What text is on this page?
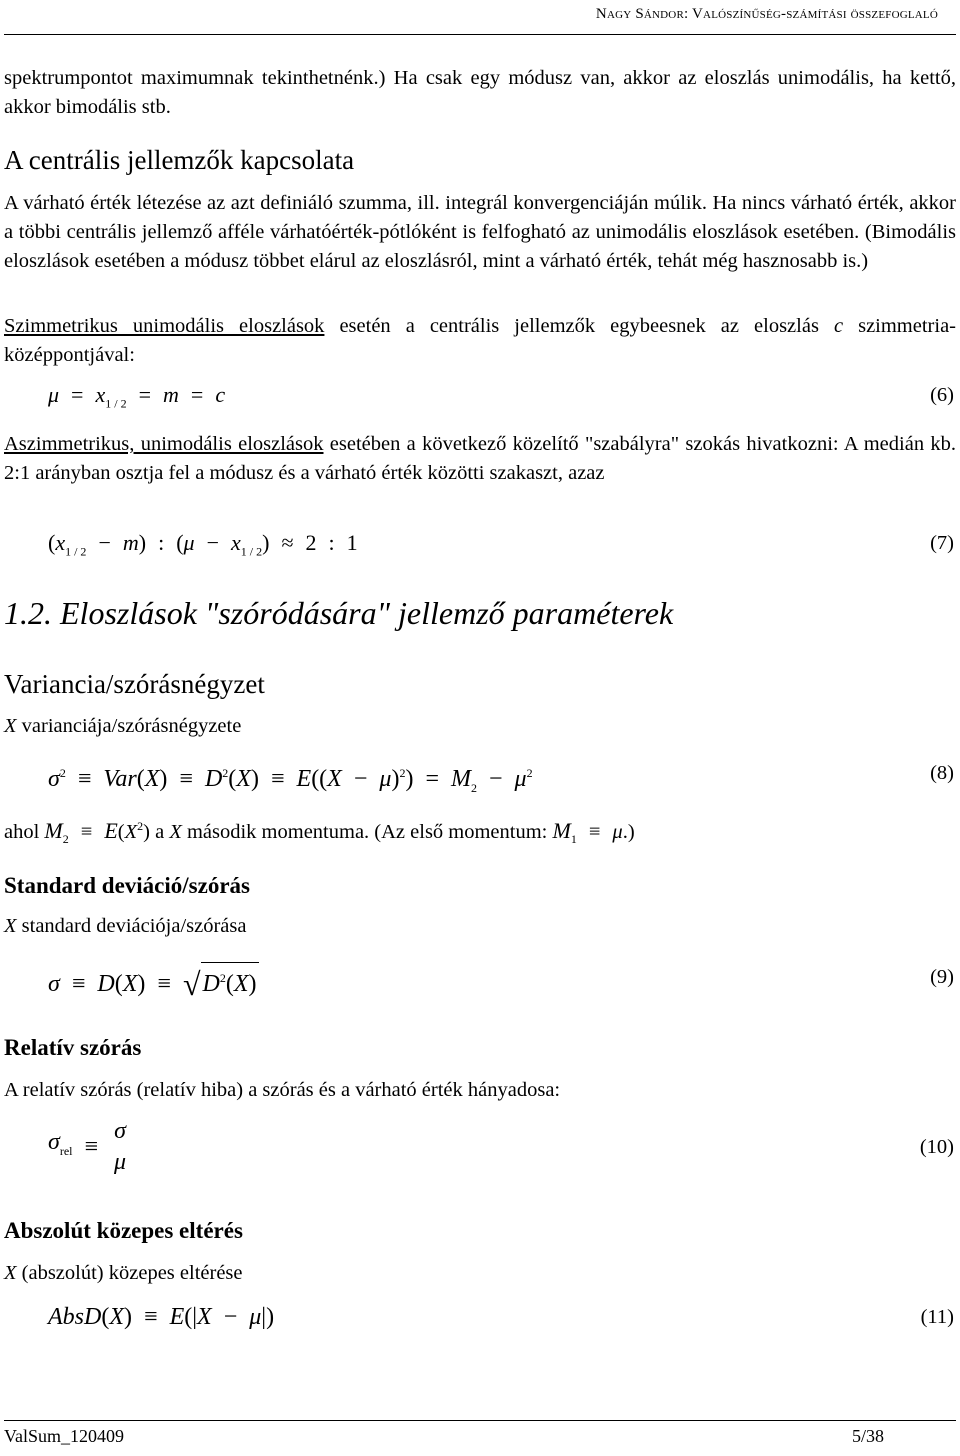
Nagy Sándor: Valószínűség-számítási összefoglaló

spektrumpontot maximumnak tekinthetnénk.) Ha csak egy módusz van, akkor az eloszlás unimodális, ha kettő, akkor bimodális stb.

A centrális jellemzők kapcsolata

A várható érték létezése az azt definiáló szumma, ill. integrál konvergenciáján múlik. Ha nincs várható érték, akkor a többi centrális jellemző afféle várhatóérték-pótlóként is felfogható az unimodális eloszlások esetében. (Bimodális eloszlások esetében a módusz többet elárul az eloszlásról, mint a várható érték, tehát még hasznosabb is.)

Szimmetrikus unimodális eloszlások esetén a centrális jellemzők egybeesnek az eloszlás c szimmetria-középpontjával:

$\mu = x_{1 / 2} = m = c$	(6)

Aszimmetrikus, unimodális eloszlások esetében a következő közelítő "szabályra" szokás hivatkozni: A medián kb. 2:1 arányban osztja fel a módusz és a várható érték közötti szakaszt, azaz

$(x_{1 / 2} - m)$ : $(\mu - x_{1 / 2}) \approx 2$ : 1	(7)
1.2. Eloszlások "szóródására" jellemző paraméterek
Variancia/szórásnégyzet

X varianciája/szórásnégyzete

$\sigma^2 \equiv Var(X) \equiv D^2(X) \equiv E((X - \mu)^2) = M_2 - \mu^2$	(8)

ahol $M_2 \equiv E(X^2)$ a X második momentuma. (Az első momentum: $M_1 \equiv \mu$.)

Standard deviáció/szórás

X standard deviációja/szórása

$\sigma \equiv D(X) \equiv √D^2(X)$	(9)
Relatív szórás

A relatív szórás (relatív hiba) a szórás és a várható érték hányadosa:

$\sigma_{rel}$ ≡
σ
μ
(10)
Abszolút közepes eltérés

X (abszolút) közepes eltérése

AbsD(X) ≡ E(|X − μ|)	(11)
ValSum_120409	5/38
